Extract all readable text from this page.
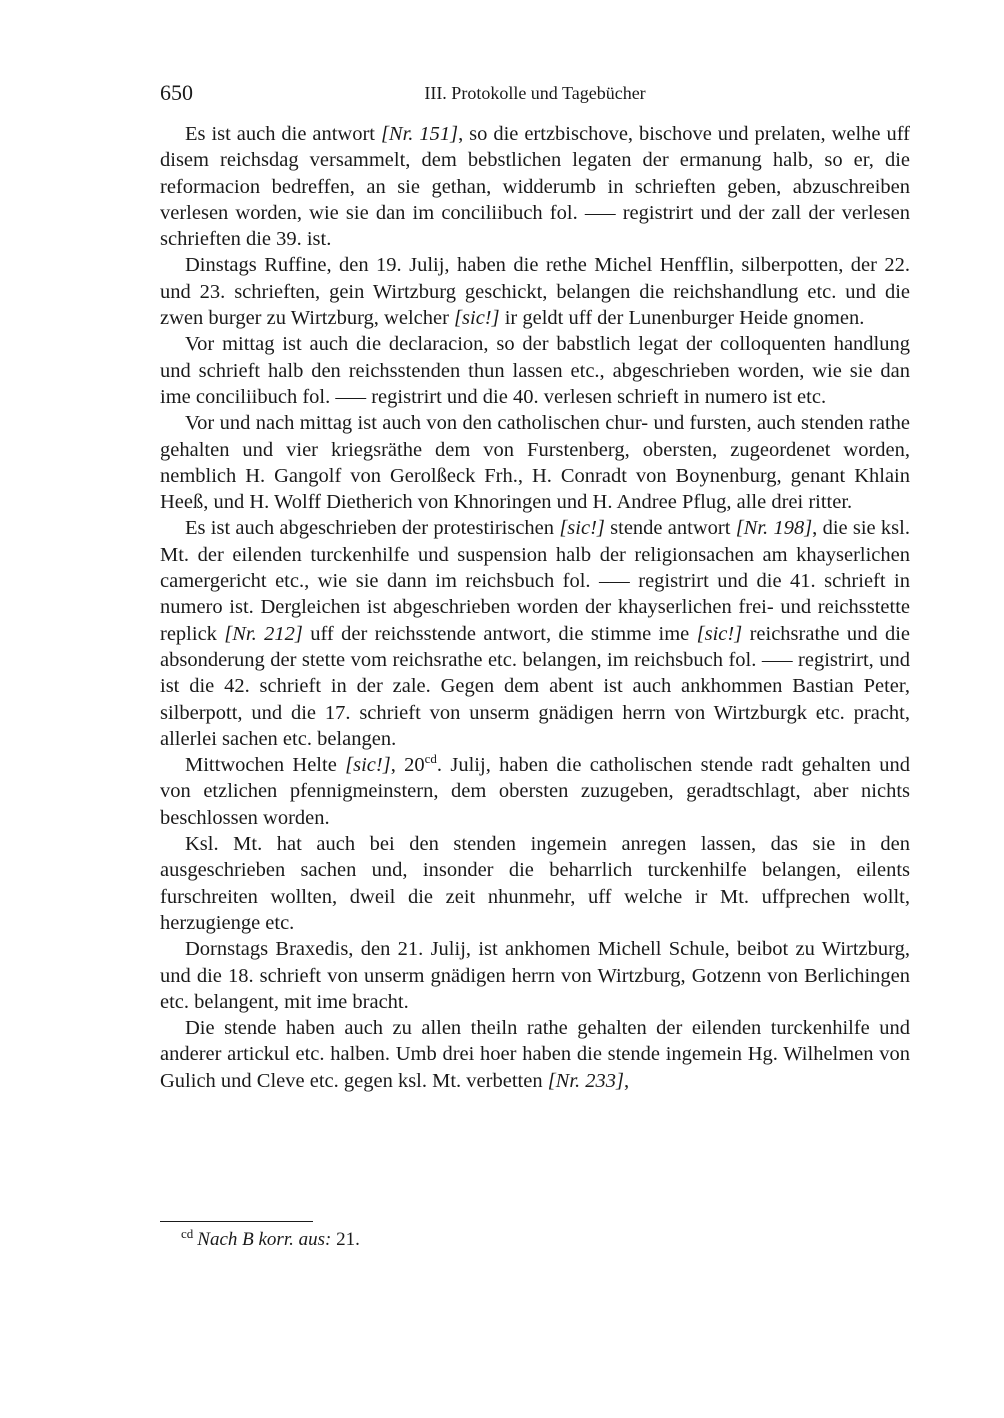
650	III. Protokolle und Tagebücher

Es ist auch die antwort [Nr. 151], so die ertzbischove, bischove und prelaten, welhe uff disem reichsdag versammelt, dem bebstlichen legaten der ermanung halb, so er, die reformacion bedreffen, an sie gethan, widderumb in schrieften geben, abzuschreiben verlesen worden, wie sie dan im conciliibuch fol. ––– registrirt und der zall der verlesen schrieften die 39. ist.

Dinstags Ruffine, den 19. Julij, haben die rethe Michel Henfflin, silberpotten, der 22. und 23. schrieften, gein Wirtzburg geschickt, belangen die reichshandlung etc. und die zwen burger zu Wirtzburg, welcher [sic!] ir geldt uff der Lunenburger Heide gnomen.

Vor mittag ist auch die declaracion, so der babstlich legat der colloquenten handlung und schrieft halb den reichsstenden thun lassen etc., abgeschrieben worden, wie sie dan ime conciliibuch fol. ––– registrirt und die 40. verlesen schrieft in numero ist etc.

Vor und nach mittag ist auch von den catholischen chur- und fursten, auch stenden rathe gehalten und vier kriegsräthe dem von Furstenberg, obersten, zugeordenet worden, nemblich H. Gangolf von Gerolßeck Frh., H. Conradt von Boynenburg, genant Khlain Heeß, und H. Wolff Dietherich von Khnoringen und H. Andree Pflug, alle drei ritter.

Es ist auch abgeschrieben der protestirischen [sic!] stende antwort [Nr. 198], die sie ksl. Mt. der eilenden turckenhilfe und suspension halb der religionsachen am khayserlichen camergericht etc., wie sie dann im reichsbuch fol. ––– registrirt und die 41. schrieft in numero ist. Dergleichen ist abgeschrieben worden der khayserlichen frei- und reichsstette replick [Nr. 212] uff der reichsstende antwort, die stimme ime [sic!] reichsrathe und die absonderung der stette vom reichsrathe etc. belangen, im reichsbuch fol. ––– registrirt, und ist die 42. schrieft in der zale. Gegen dem abent ist auch ankhommen Bastian Peter, silberpott, und die 17. schrieft von unserm gnädigen herrn von Wirtzburgk etc. pracht, allerlei sachen etc. belangen.

Mittwochen Helte [sic!], $20^{cd}$. Julij, haben die catholischen stende radt gehalten und von etzlichen pfennigmeinstern, dem obersten zuzugeben, geradtschlagt, aber nichts beschlossen worden.

Ksl. Mt. hat auch bei den stenden ingemein anregen lassen, das sie in den ausgeschrieben sachen und, insonder die beharrlich turckenhilfe belangen, eilents furschreiten wollten, dweil die zeit nhunmehr, uff welche ir Mt. uffprechen wollt, herzugienge etc.

Dornstags Braxedis, den 21. Julij, ist ankhomen Michell Schule, beibot zu Wirtzburg, und die 18. schrieft von unserm gnädigen herrn von Wirtzburg, Gotzenn von Berlichingen etc. belangent, mit ime bracht.

Die stende haben auch zu allen theiln rathe gehalten der eilenden turckenhilfe und anderer artickul etc. halben. Umb drei hoer haben die stende ingemein Hg. Wilhelmen von Gulich und Cleve etc. gegen ksl. Mt. verbetten [Nr. 233],

$^{cd}$ Nach B korr. aus: 21.
